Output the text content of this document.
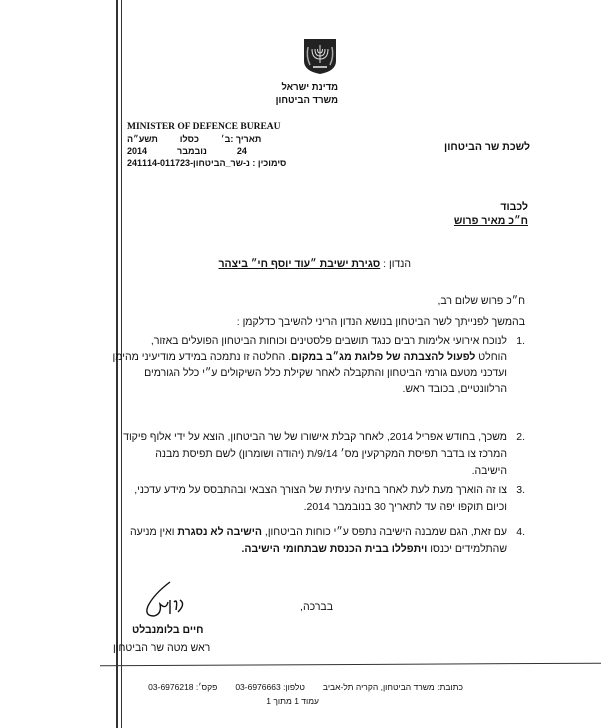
מדינת ישראל
משרד הביטחון
MINISTER OF DEFENCE BUREAU
תשע״ה כסלו תאריך :ב׳
2014	נובמבר	24
סימוכין : נ-שר_הביטחון-241114-011723
לשכת שר הביטחון
לכבוד
ח״כ מאיר פרוש
הנדון : סגירת ישיבת ״עוד יוסף חי״ ביצהר
ח״כ פרוש שלום רב,
בהמשך לפנייתך לשר הביטחון בנושא הנדון הריני להשיבך כדלקמן :
לנוכח אירועי אלימות רבים כנגד תושבים פלסטינים וכוחות הביטחון הפועלים באזור, 1.
הוחלט לפעול להצבתה של פלוגת מג״ב במקום. החלטה זו נתמכה במידע מודיעיני מהימן
ועדכני מטעם גורמי הביטחון והתקבלה לאחר שקילת כלל השיקולים ע״י כלל הגורמים
הרלוונטיים, בכובד ראש.
משכך, בחודש אפריל 2014, לאחר קבלת אישורו של שר הביטחון, הוצא על ידי אלוף פיקוד 2.
המרכז צו בדבר תפיסת המקרקעין מס׳ 9/14/ת (יהודה ושומרון) לשם תפיסת מבנה
הישיבה.
צו זה הוארך מעת לעת לאחר בחינה עיתית של הצורך הצבאי ובהתבסס על מידע עדכני, 3.
וכיום תוקפו יפה עד לתאריך 30 בנובמבר 2014.
עם זאת, הגם שמבנה הישיבה נתפס ע״י כוחות הביטחון, הישיבה לא נסגרת ואין מניעה	4.
שהתלמידים יכנסו ויתפללו בבית הכנסת שבתחומי הישיבה.
בברכה,
חיים בלומנבלט
ראש מטה שר הביטחון
כתובת: משרד הביטחון, הקריה תל-אביב
טלפון: 03-6976663
פקס׳: 03-6976218
עמוד 1 מתוך 1
